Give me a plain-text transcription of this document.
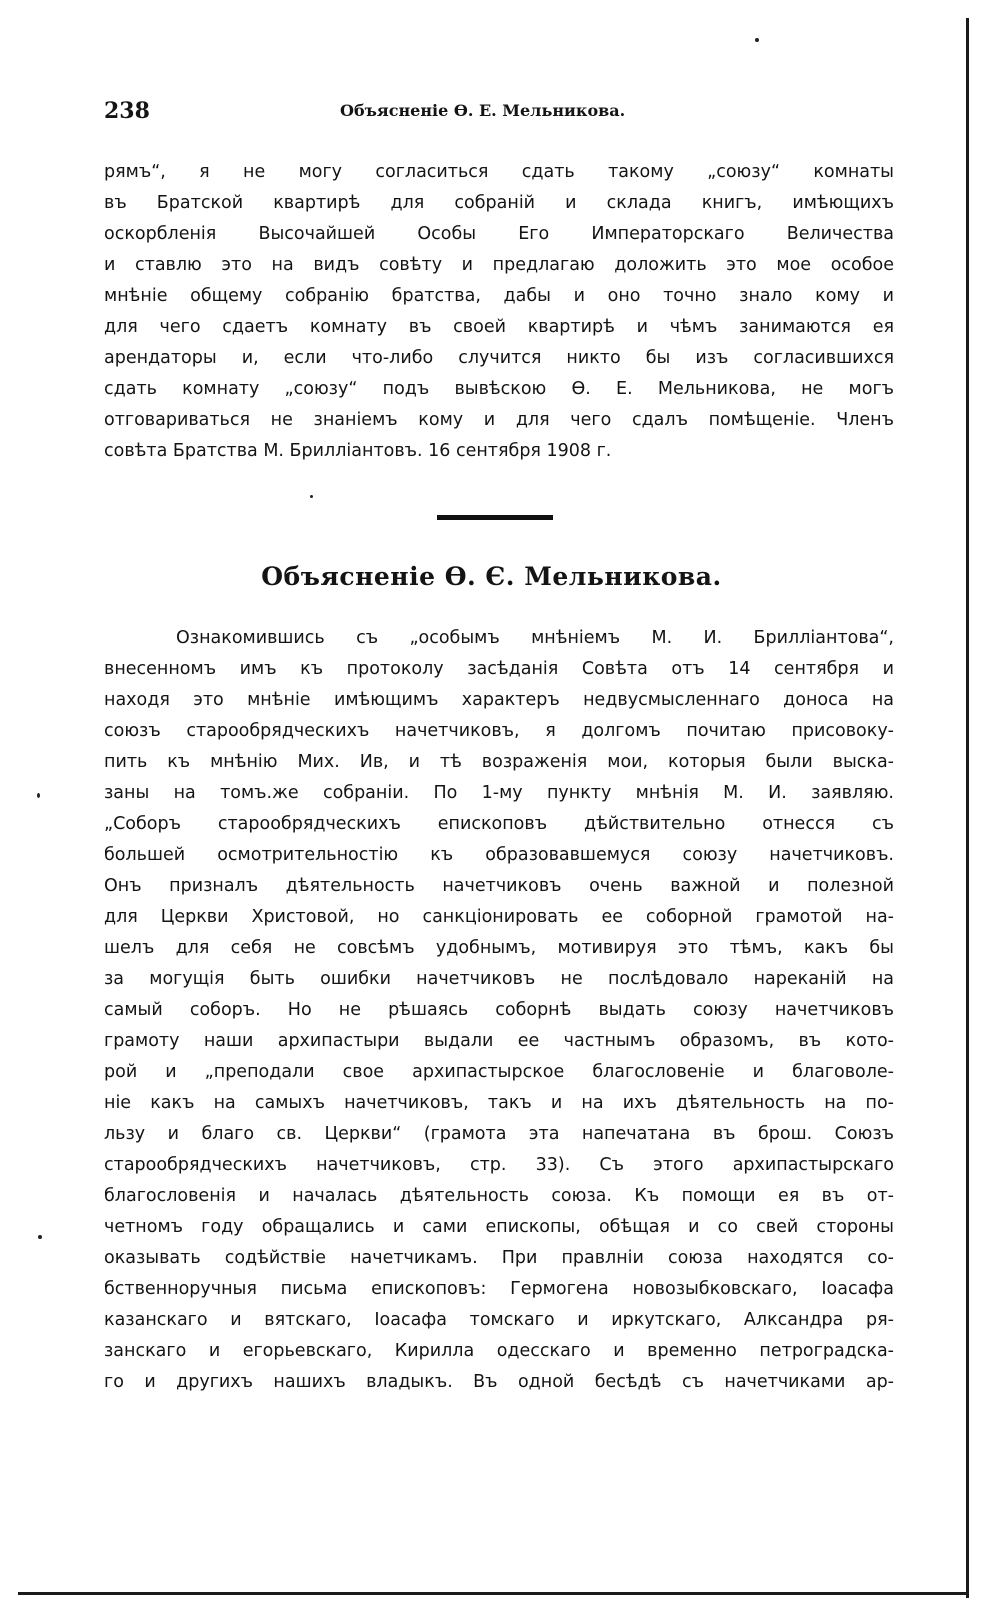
238	Объясненіе Ѳ. Е. Мельникова.
рямъ“, я не могу согласиться сдать такому „союзу“ комнаты
въ Братской квартирѣ для собраній и склада книгъ, имѣющихъ
оскорбленія Высочайшей Особы Его Императорскаго Величества
и ставлю это на видъ совѣту и предлагаю доложить это мое особое
мнѣніе общему собранію братства, дабы и оно точно знало кому и
для чего сдаетъ комнату въ своей квартирѣ и чѣмъ занимаются ея
арендаторы и, если что-либо случится никто бы изъ согласившихся
сдать комнату „союзу“ подъ вывѣскою Ѳ. Е. Мельникова, не могъ
отговариваться не знаніемъ кому и для чего сдалъ помѣщеніе. Членъ
совѣта Братства М. Брилліантовъ. 16 сентября 1908 г.
Объясненіе Ѳ. Є. Мельникова.
Ознакомившись съ „особымъ мнѣніемъ М. И. Брилліантова“,
внесенномъ имъ къ протоколу засѣданія Совѣта отъ 14 сентября и
находя это мнѣніе имѣющимъ характеръ недвусмысленнаго доноса на
союзъ старообрядческихъ начетчиковъ, я долгомъ почитаю присовоку-
пить къ мнѣнію Мих. Ив, и тѣ возраженія мои, которыя были выска-
заны на томъ.же собраніи. По 1-му пункту мнѣнія М. И. заявляю.
„Соборъ старообрядческихъ епископовъ дѣйствительно отнесся съ
большей осмотрительностію къ образовавшемуся союзу начетчиковъ.
Онъ призналъ дѣятельность начетчиковъ очень важной и полезной
для Церкви Христовой, но санкціонировать ее соборной грамотой на-
шелъ для себя не совсѣмъ удобнымъ, мотивируя это тѣмъ, какъ бы
за могущія быть ошибки начетчиковъ не послѣдовало нареканій на
самый соборъ. Но не рѣшаясь соборнѣ выдать союзу начетчиковъ
грамоту наши архипастыри выдали ее частнымъ образомъ, въ кото-
рой и „преподали свое архипастырское благословеніе и благоволе-
ніе какъ на самыхъ начетчиковъ, такъ и на ихъ дѣятельность на по-
льзу и благо св. Церкви“ (грамота эта напечатана въ брош. Союзъ
старообрядческихъ начетчиковъ, стр. 33). Съ этого архипастырскаго
благословенія и началась дѣятельность союза. Къ помощи ея въ от-
четномъ году обращались и сами епископы, обѣщая и со свей стороны
оказывать содѣйствіе начетчикамъ. При правлніи союза находятся со-
бственноручныя письма епископовъ: Гермогена новозыбковскаго, Іоасафа
казанскаго и вятскаго, Іоасафа томскаго и иркутскаго, Алксандра ря-
занскаго и егорьевскаго, Кирилла одесскаго и временно петроградска-
го и другихъ нашихъ владыкъ. Въ одной бесѣдѣ съ начетчиками ар-
